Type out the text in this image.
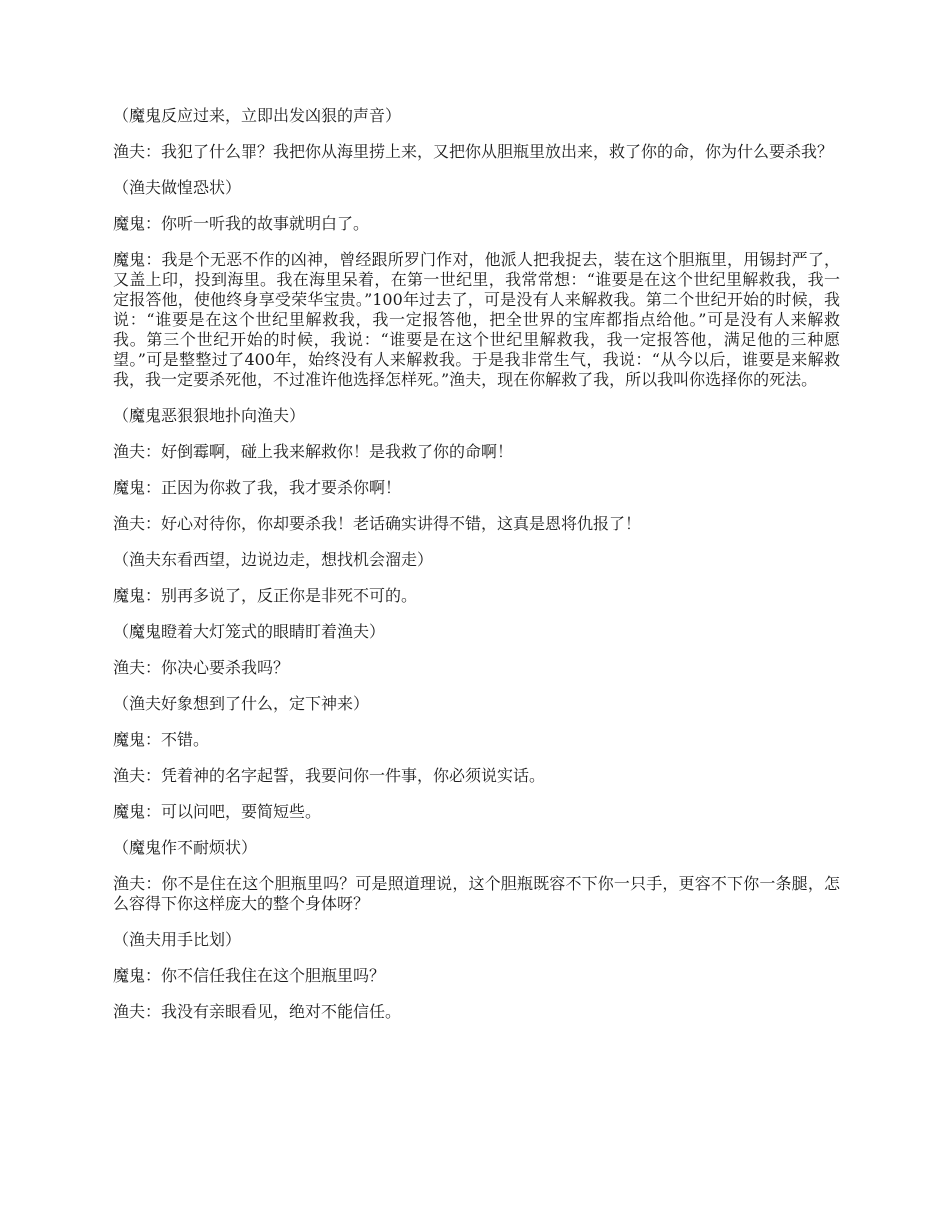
（魔鬼反应过来，立即出发凶狠的声音）

渔夫：我犯了什么罪？我把你从海里捞上来，又把你从胆瓶里放出来，救了你的命，你为什么要杀我？

（渔夫做惶恐状）

魔鬼：你听一听我的故事就明白了。

魔鬼：我是个无恶不作的凶神，曾经跟所罗门作对，他派人把我捉去，装在这个胆瓶里，用锡封严了，又盖上印，投到海里。我在海里呆着，在第一世纪里，我常常想：“谁要是在这个世纪里解救我，我一定报答他，使他终身享受荣华宝贵。”100年过去了，可是没有人来解救我。第二个世纪开始的时候，我说：“谁要是在这个世纪里解救我，我一定报答他，把全世界的宝库都指点给他。”可是没有人来解救我。第三个世纪开始的时候，我说：“谁要是在这个世纪里解救我，我一定报答他，满足他的三种愿望。”可是整整过了400年，始终没有人来解救我。于是我非常生气，我说：“从今以后，谁要是来解救我，我一定要杀死他，不过准许他选择怎样死。”渔夫，现在你解救了我，所以我叫你选择你的死法。

（魔鬼恶狠狠地扑向渔夫）

渔夫：好倒霉啊，碰上我来解救你！是我救了你的命啊！

魔鬼：正因为你救了我，我才要杀你啊！

渔夫：好心对待你，你却要杀我！老话确实讲得不错，这真是恩将仇报了！

（渔夫东看西望，边说边走，想找机会溜走）

魔鬼：别再多说了，反正你是非死不可的。

（魔鬼瞪着大灯笼式的眼睛盯着渔夫）

渔夫：你决心要杀我吗？

（渔夫好象想到了什么，定下神来）

魔鬼：不错。

渔夫：凭着神的名字起誓，我要问你一件事，你必须说实话。

魔鬼：可以问吧，要简短些。

（魔鬼作不耐烦状）

渔夫：你不是住在这个胆瓶里吗？可是照道理说，这个胆瓶既容不下你一只手，更容不下你一条腿，怎么容得下你这样庞大的整个身体呀？

（渔夫用手比划）

魔鬼：你不信任我住在这个胆瓶里吗？

渔夫：我没有亲眼看见，绝对不能信任。
